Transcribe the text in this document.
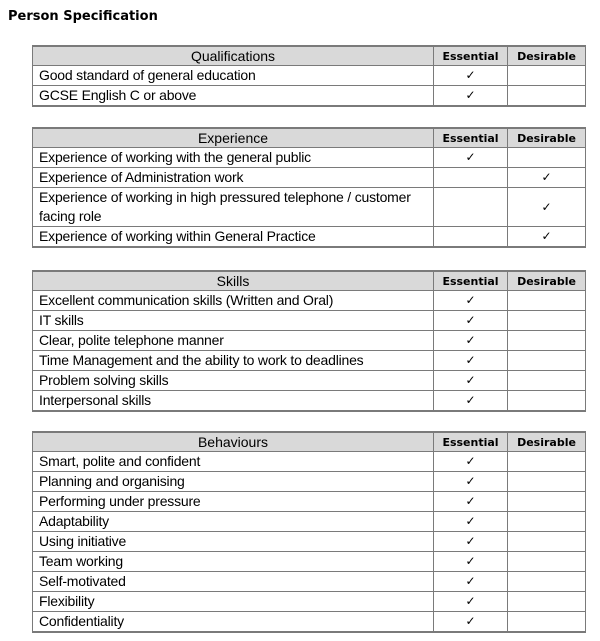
Person Specification
Qualifications	Essential	Desirable
Good standard of general education	✓	
GCSE English C or above	✓	
Experience	Essential	Desirable
Experience of working with the general public	✓	
Experience of Administration work		✓
Experience of working in high pressured telephone / customer facing role		✓
Experience of working within General Practice		✓
Skills	Essential	Desirable
Excellent communication skills (Written and Oral)	✓	
IT skills	✓	
Clear, polite telephone manner	✓	
Time Management and the ability to work to deadlines	✓	
Problem solving skills	✓	
Interpersonal skills	✓	
Behaviours	Essential	Desirable
Smart, polite and confident	✓	
Planning and organising	✓	
Performing under pressure	✓	
Adaptability	✓	
Using initiative	✓	
Team working	✓	
Self-motivated	✓	
Flexibility	✓	
Confidentiality	✓	
